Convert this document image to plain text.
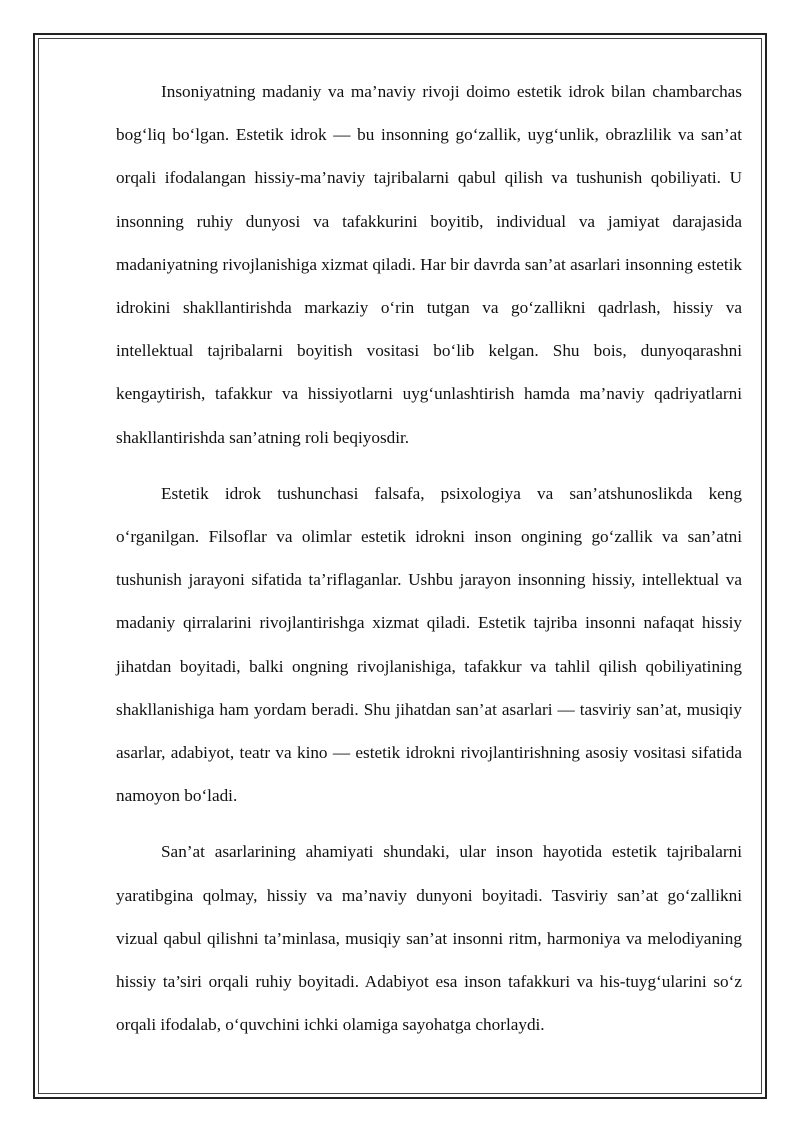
Insoniyatning madaniy va ma’naviy rivoji doimo estetik idrok bilan chambarchas bog‘liq bo‘lgan. Estetik idrok — bu insonning go‘zallik, uyg‘unlik, obrazlilik va san’at orqali ifodalangan hissiy-ma’naviy tajribalarni qabul qilish va tushunish qobiliyati. U insonning ruhiy dunyosi va tafakkurini boyitib, individual va jamiyat darajasida madaniyatning rivojlanishiga xizmat qiladi. Har bir davrda san’at asarlari insonning estetik idrokini shakllantirishda markaziy o‘rin tutgan va go‘zallikni qadrlash, hissiy va intellektual tajribalarni boyitish vositasi bo‘lib kelgan. Shu bois, dunyoqarashni kengaytirish, tafakkur va hissiyotlarni uyg‘unlashtirish hamda ma’naviy qadriyatlarni shakllantirishda san’atning roli beqiyosdir.

Estetik idrok tushunchasi falsafa, psixologiya va san’atshunoslikda keng o‘rganilgan. Filsoflar va olimlar estetik idrokni inson ongining go‘zallik va san’atni tushunish jarayoni sifatida ta’riflaganlar. Ushbu jarayon insonning hissiy, intellektual va madaniy qirralarini rivojlantirishga xizmat qiladi. Estetik tajriba insonni nafaqat hissiy jihatdan boyitadi, balki ongning rivojlanishiga, tafakkur va tahlil qilish qobiliyatining shakllanishiga ham yordam beradi. Shu jihatdan san’at asarlari — tasviriy san’at, musiqiy asarlar, adabiyot, teatr va kino — estetik idrokni rivojlantirishning asosiy vositasi sifatida namoyon bo‘ladi.

San’at asarlarining ahamiyati shundaki, ular inson hayotida estetik tajribalarni yaratibgina qolmay, hissiy va ma’naviy dunyoni boyitadi. Tasviriy san’at go‘zallikni vizual qabul qilishni ta’minlasa, musiqiy san’at insonni ritm, harmoniya va melodiyaning hissiy ta’siri orqali ruhiy boyitadi. Adabiyot esa inson tafakkuri va his-tuyg‘ularini so‘z orqali ifodalab, o‘quvchini ichki olamiga sayohatga chorlaydi.
